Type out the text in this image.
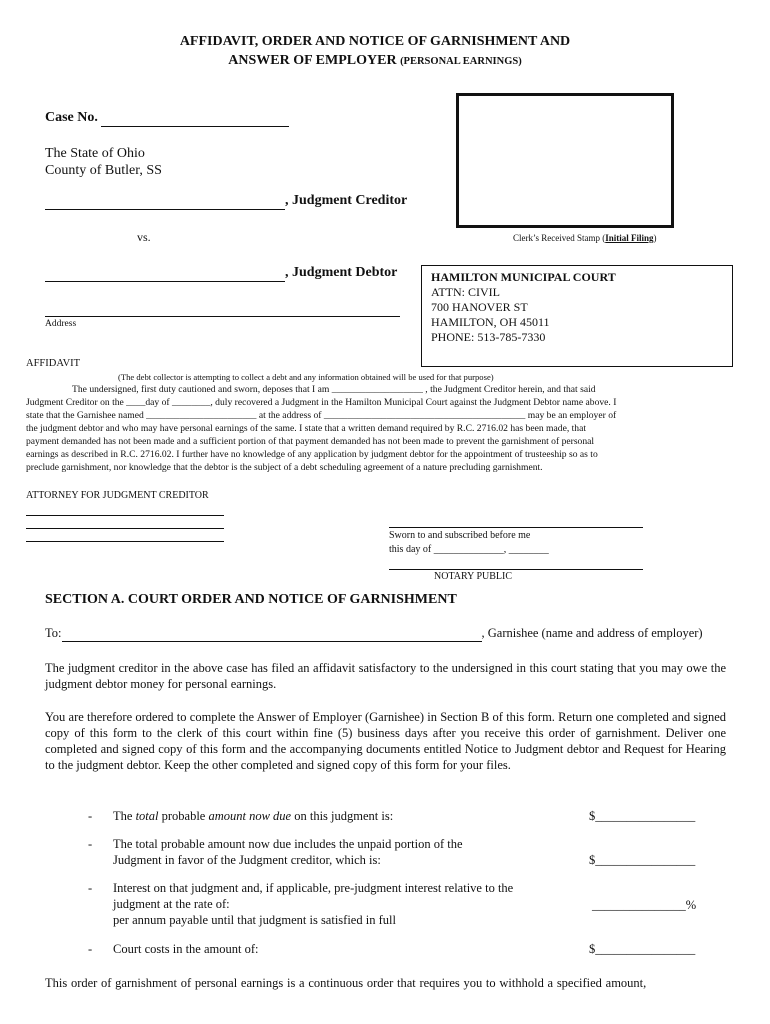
AFFIDAVIT, ORDER AND NOTICE OF GARNISHMENT AND
ANSWER OF EMPLOYER (PERSONAL EARNINGS)
Case No.
The State of Ohio
County of Butler, SS
, Judgment Creditor
vs.
, Judgment Debtor
Address
Clerk’s Received Stamp (Initial Filing)
HAMILTON MUNICIPAL COURT
ATTN: CIVIL
700 HANOVER ST
HAMILTON, OH 45011
PHONE: 513-785-7330
AFFIDAVIT
(The debt collector is attempting to collect a debt and any information obtained will be used for that purpose)
The undersigned, first duty cautioned and sworn, deposes that I am ___________________ , the Judgment Creditor herein, and that said
Judgment Creditor on the ____day of ________, duly recovered a Judgment in the Hamilton Municipal Court against the Judgment Debtor name above. I
state that the Garnishee named _______________________ at the address of __________________________________________ may be an employer of
the judgment debtor and who may have personal earnings of the same. I state that a written demand required by R.C. 2716.02 has been made, that
payment demanded has not been made and a sufficient portion of that payment demanded has not been made to prevent the garnishment of personal
earnings as described in R.C. 2716.02. I further have no knowledge of any application by judgment debtor for the appointment of trusteeship so as to
preclude garnishment, nor knowledge that the debtor is the subject of a debt scheduling agreement of a nature precluding garnishment.
ATTORNEY FOR JUDGMENT CREDITOR
Sworn to and subscribed before me
this day of ______________, ________
NOTARY PUBLIC
SECTION A. COURT ORDER AND NOTICE OF GARNISHMENT
To:	, Garnishee (name and address of employer)
The judgment creditor in the above case has filed an affidavit satisfactory to the undersigned in this court stating that you may owe the judgment debtor money for personal earnings.
You are therefore ordered to complete the Answer of Employer (Garnishee) in Section B of this form. Return one completed and signed copy of this form to the clerk of this court within fine (5) business days after you receive this order of garnishment. Deliver one completed and signed copy of this form and the accompanying documents entitled Notice to Judgment debtor and Request for Hearing to the judgment debtor. Keep the other completed and signed copy of this form for your files.
- The total probable amount now due on this judgment is:	$________________
- The total probable amount now due includes the unpaid portion of the
Judgment in favor of the Judgment creditor, which is:	$________________
- Interest on that judgment and, if applicable, pre-judgment interest relative to the
judgment at the rate of:
per annum payable until that judgment is satisfied in full
_______________%
- Court costs in the amount of:	$________________
This order of garnishment of personal earnings is a continuous order that requires you to withhold a specified amount,
